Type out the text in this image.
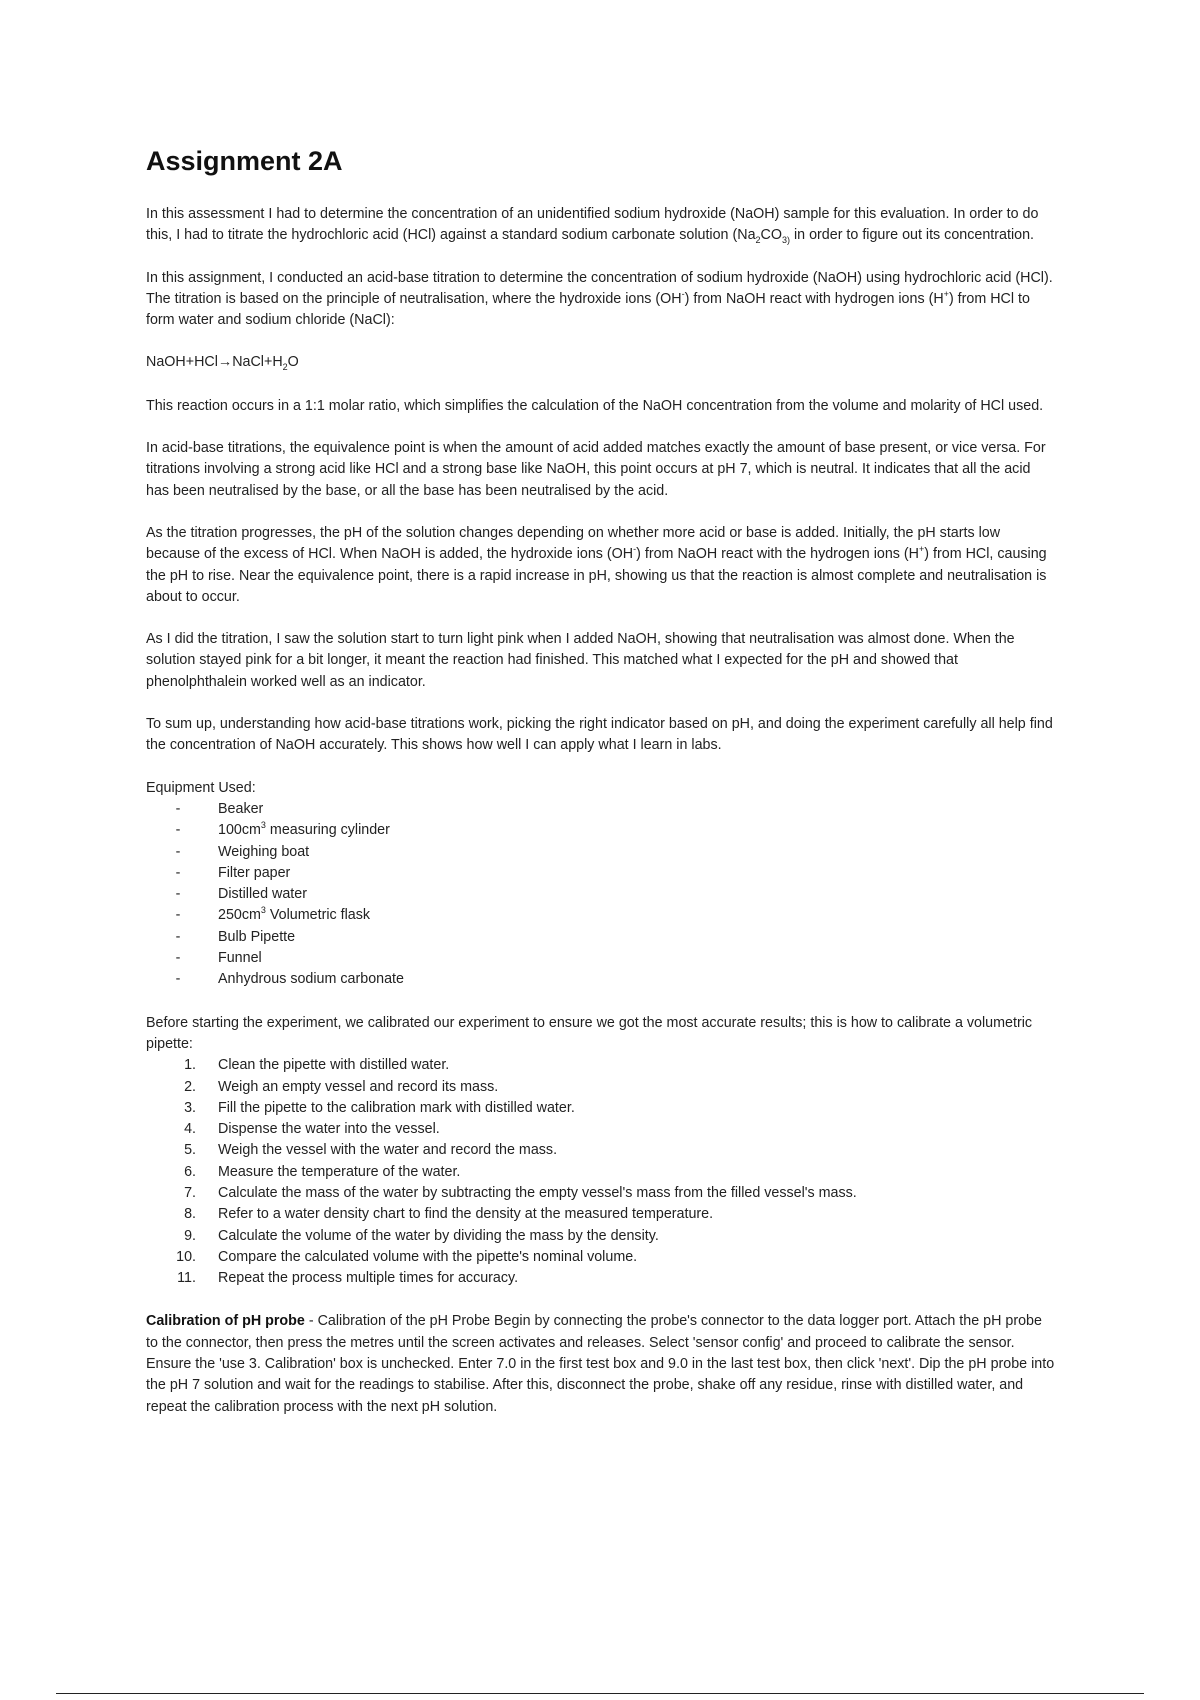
Assignment 2A

In this assessment I had to determine the concentration of an unidentified sodium hydroxide (NaOH) sample for this evaluation. In order to do this, I had to titrate the hydrochloric acid (HCl) against a standard sodium carbonate solution ($Na_2CO_{3)}$ in order to figure out its concentration.

In this assignment, I conducted an acid-base titration to determine the concentration of sodium hydroxide (NaOH) using hydrochloric acid (HCl). The titration is based on the principle of neutralisation, where the hydroxide ions (OH-) from NaOH react with hydrogen ions (H+) from HCl to form water and sodium chloride (NaCl):

$NaOH+HCl\to NaCl+H_2O$

This reaction occurs in a 1:1 molar ratio, which simplifies the calculation of the NaOH concentration from the volume and molarity of HCl used.

In acid-base titrations, the equivalence point is when the amount of acid added matches exactly the amount of base present, or vice versa. For titrations involving a strong acid like HCl and a strong base like NaOH, this point occurs at pH 7, which is neutral. It indicates that all the acid has been neutralised by the base, or all the base has been neutralised by the acid.

As the titration progresses, the pH of the solution changes depending on whether more acid or base is added. Initially, the pH starts low because of the excess of HCl. When NaOH is added, the hydroxide ions (OH-) from NaOH react with the hydrogen ions (H+) from HCl, causing the pH to rise. Near the equivalence point, there is a rapid increase in pH, showing us that the reaction is almost complete and neutralisation is about to occur.

As I did the titration, I saw the solution start to turn light pink when I added NaOH, showing that neutralisation was almost done. When the solution stayed pink for a bit longer, it meant the reaction had finished. This matched what I expected for the pH and showed that phenolphthalein worked well as an indicator.

To sum up, understanding how acid-base titrations work, picking the right indicator based on pH, and doing the experiment carefully all help find the concentration of NaOH accurately. This shows how well I can apply what I learn in labs.

Equipment Used:

-	Beaker
-	$100cm^3$ measuring cylinder
-	Weighing boat
-	Filter paper
-	Distilled water
-	$250cm^3$ Volumetric flask
-	Bulb Pipette
-	Funnel
-	Anhydrous sodium carbonate

Before starting the experiment, we calibrated our experiment to ensure we got the most accurate results; this is how to calibrate a volumetric pipette:

1. Clean the pipette with distilled water.
2. Weigh an empty vessel and record its mass.
3. Fill the pipette to the calibration mark with distilled water.
4. Dispense the water into the vessel.
5. Weigh the vessel with the water and record the mass.
6. Measure the temperature of the water.
7. Calculate the mass of the water by subtracting the empty vessel's mass from the filled vessel's mass.
8. Refer to a water density chart to find the density at the measured temperature.
9. Calculate the volume of the water by dividing the mass by the density.
10. Compare the calculated volume with the pipette's nominal volume.
11. Repeat the process multiple times for accuracy.

Calibration of pH probe - Calibration of the pH Probe Begin by connecting the probe's connector to the data logger port. Attach the pH probe to the connector, then press the metres until the screen activates and releases. Select 'sensor config' and proceed to calibrate the sensor. Ensure the 'use 3. Calibration' box is unchecked. Enter 7.0 in the first test box and 9.0 in the last test box, then click 'next'. Dip the pH probe into the pH 7 solution and wait for the readings to stabilise. After this, disconnect the probe, shake off any residue, rinse with distilled water, and repeat the calibration process with the next pH solution.
